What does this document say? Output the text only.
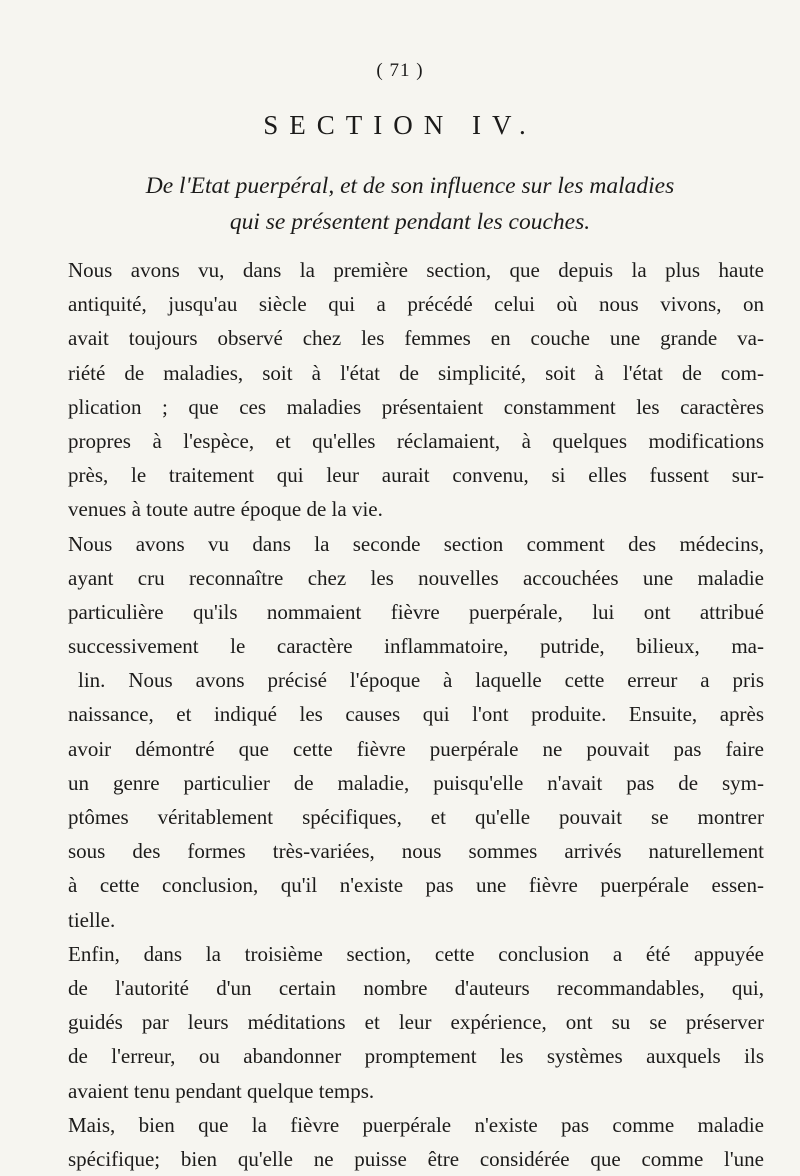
( 71 )
SECTION IV.
De l'Etat puerpéral, et de son influence sur les maladies
qui se présentent pendant les couches.
Nous avons vu, dans la première section, que depuis la plus haute
antiquité, jusqu'au siècle qui a précédé celui où nous vivons, on
avait toujours observé chez les femmes en couche une grande va-
riété de maladies, soit à l'état de simplicité, soit à l'état de com-
plication ; que ces maladies présentaient constamment les caractères
propres à l'espèce, et qu'elles réclamaient, à quelques modifications
près, le traitement qui leur aurait convenu, si elles fussent sur-
venues à toute autre époque de la vie.
Nous avons vu dans la seconde section comment des médecins,
ayant cru reconnaître chez les nouvelles accouchées une maladie
particulière qu'ils nommaient fièvre puerpérale, lui ont attribué
successivement le caractère inflammatoire, putride, bilieux, ma-
lin. Nous avons précisé l'époque à laquelle cette erreur a pris
naissance, et indiqué les causes qui l'ont produite. Ensuite, après
avoir démontré que cette fièvre puerpérale ne pouvait pas faire
un genre particulier de maladie, puisqu'elle n'avait pas de sym-
ptômes véritablement spécifiques, et qu'elle pouvait se montrer
sous des formes très-variées, nous sommes arrivés naturellement
à cette conclusion, qu'il n'existe pas une fièvre puerpérale essen-
tielle.
Enfin, dans la troisième section, cette conclusion a été appuyée
de l'autorité d'un certain nombre d'auteurs recommandables, qui,
guidés par leurs méditations et leur expérience, ont su se préserver
de l'erreur, ou abandonner promptement les systèmes auxquels ils
avaient tenu pendant quelque temps.
Mais, bien que la fièvre puerpérale n'existe pas comme maladie
spécifique; bien qu'elle ne puisse être considérée que comme l'une
